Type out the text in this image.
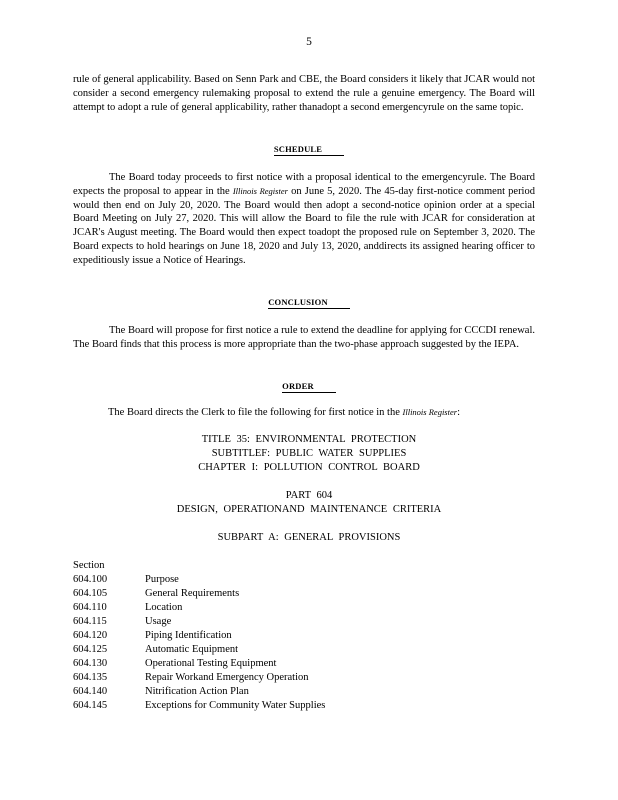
5
rule of general applicability. Based on Senn Park and CBE, the Board considers it likely that JCAR would not consider a second emergency rulemaking proposal to extend the rule a genuine emergency. The Board will attempt to adopt a rule of general applicability, rather thanadopt a second emergencyrule on the same topic.
SCHEDULE
The Board today proceeds to first notice with a proposal identical to the emergencyrule. The Board expects the proposal to appear in the Illinois Register on June 5, 2020. The 45-day first-notice comment period would then end on July 20, 2020. The Board would then adopt a second-notice opinion order at a special Board Meeting on July 27, 2020. This will allow the Board to file the rule with JCAR for consideration at JCAR's August meeting. The Board would then expect toadopt the proposed rule on September 3, 2020. The Board expects to hold hearings on June 18, 2020 and July 13, 2020, anddirects its assigned hearing officer to expeditiously issue a Notice of Hearings.
CONCLUSION
The Board will propose for first notice a rule to extend the deadline for applying for CCCDI renewal. The Board finds that this process is more appropriate than the two-phase approach suggested by the IEPA.
ORDER
The Board directs the Clerk to file the following for first notice in the Illinois Register:
TITLE 35: ENVIRONMENTAL PROTECTION
SUBTITLEF: PUBLIC WATER SUPPLIES
CHAPTER I: POLLUTION CONTROL BOARD
PART 604
DESIGN, OPERATIONAND MAINTENANCE CRITERIA
SUBPART A: GENERAL PROVISIONS
Section
604.100	Purpose
604.105	General Requirements
604.110	Location
604.115	Usage
604.120	Piping Identification
604.125	Automatic Equipment
604.130	Operational Testing Equipment
604.135	Repair Workand Emergency Operation
604.140	Nitrification Action Plan
604.145	Exceptions for Community Water Supplies
